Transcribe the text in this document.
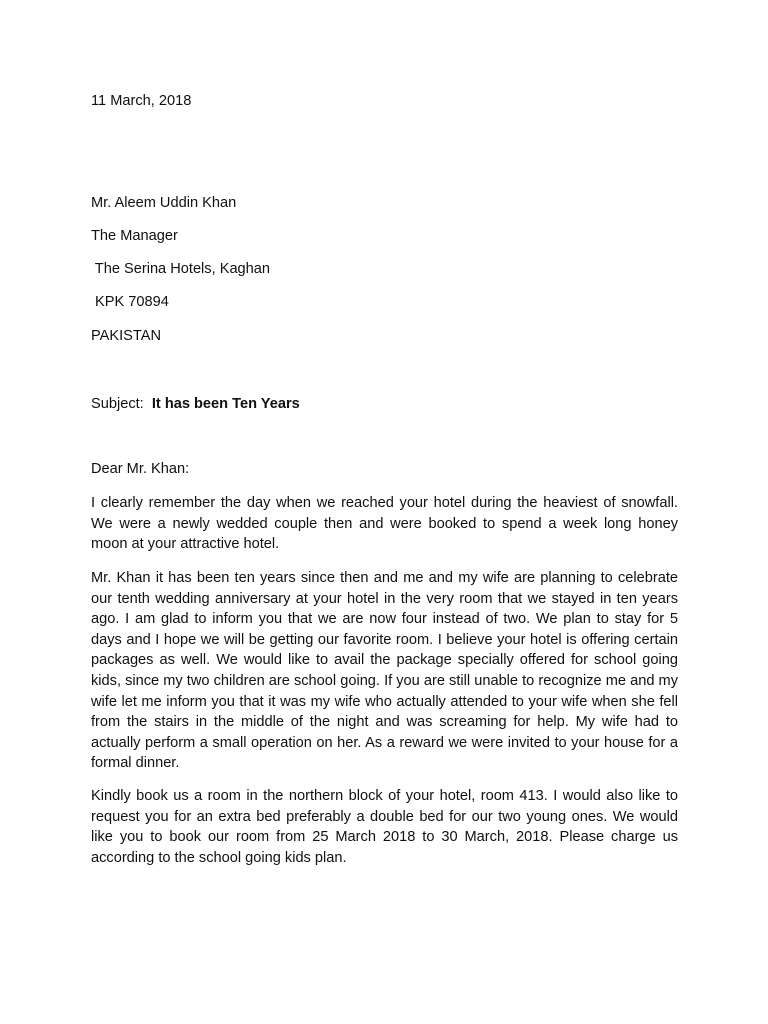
11 March, 2018
Mr. Aleem Uddin Khan
The Manager
The Serina Hotels, Kaghan
KPK 70894
PAKISTAN
Subject:  It has been Ten Years
Dear Mr. Khan:

I clearly remember the day when we reached your hotel during the heaviest of snowfall. We were a newly wedded couple then and were booked to spend a week long honey moon at your attractive hotel.

Mr. Khan it has been ten years since then and me and my wife are planning to celebrate our tenth wedding anniversary at your hotel in the very room that we stayed in ten years ago. I am glad to inform you that we are now four instead of two. We plan to stay for 5 days and I hope we will be getting our favorite room. I believe your hotel is offering certain packages as well. We would like to avail the package specially offered for school going kids, since my two children are school going. If you are still unable to recognize me and my wife let me inform you that it was my wife who actually attended to your wife when she fell from the stairs in the middle of the night and was screaming for help. My wife had to actually perform a small operation on her. As a reward we were invited to your house for a formal dinner.

Kindly book us a room in the northern block of your hotel, room 413. I would also like to request you for an extra bed preferably a double bed for our two young ones. We would like you to book our room from 25 March 2018 to 30 March, 2018. Please charge us according to the school going kids plan.
